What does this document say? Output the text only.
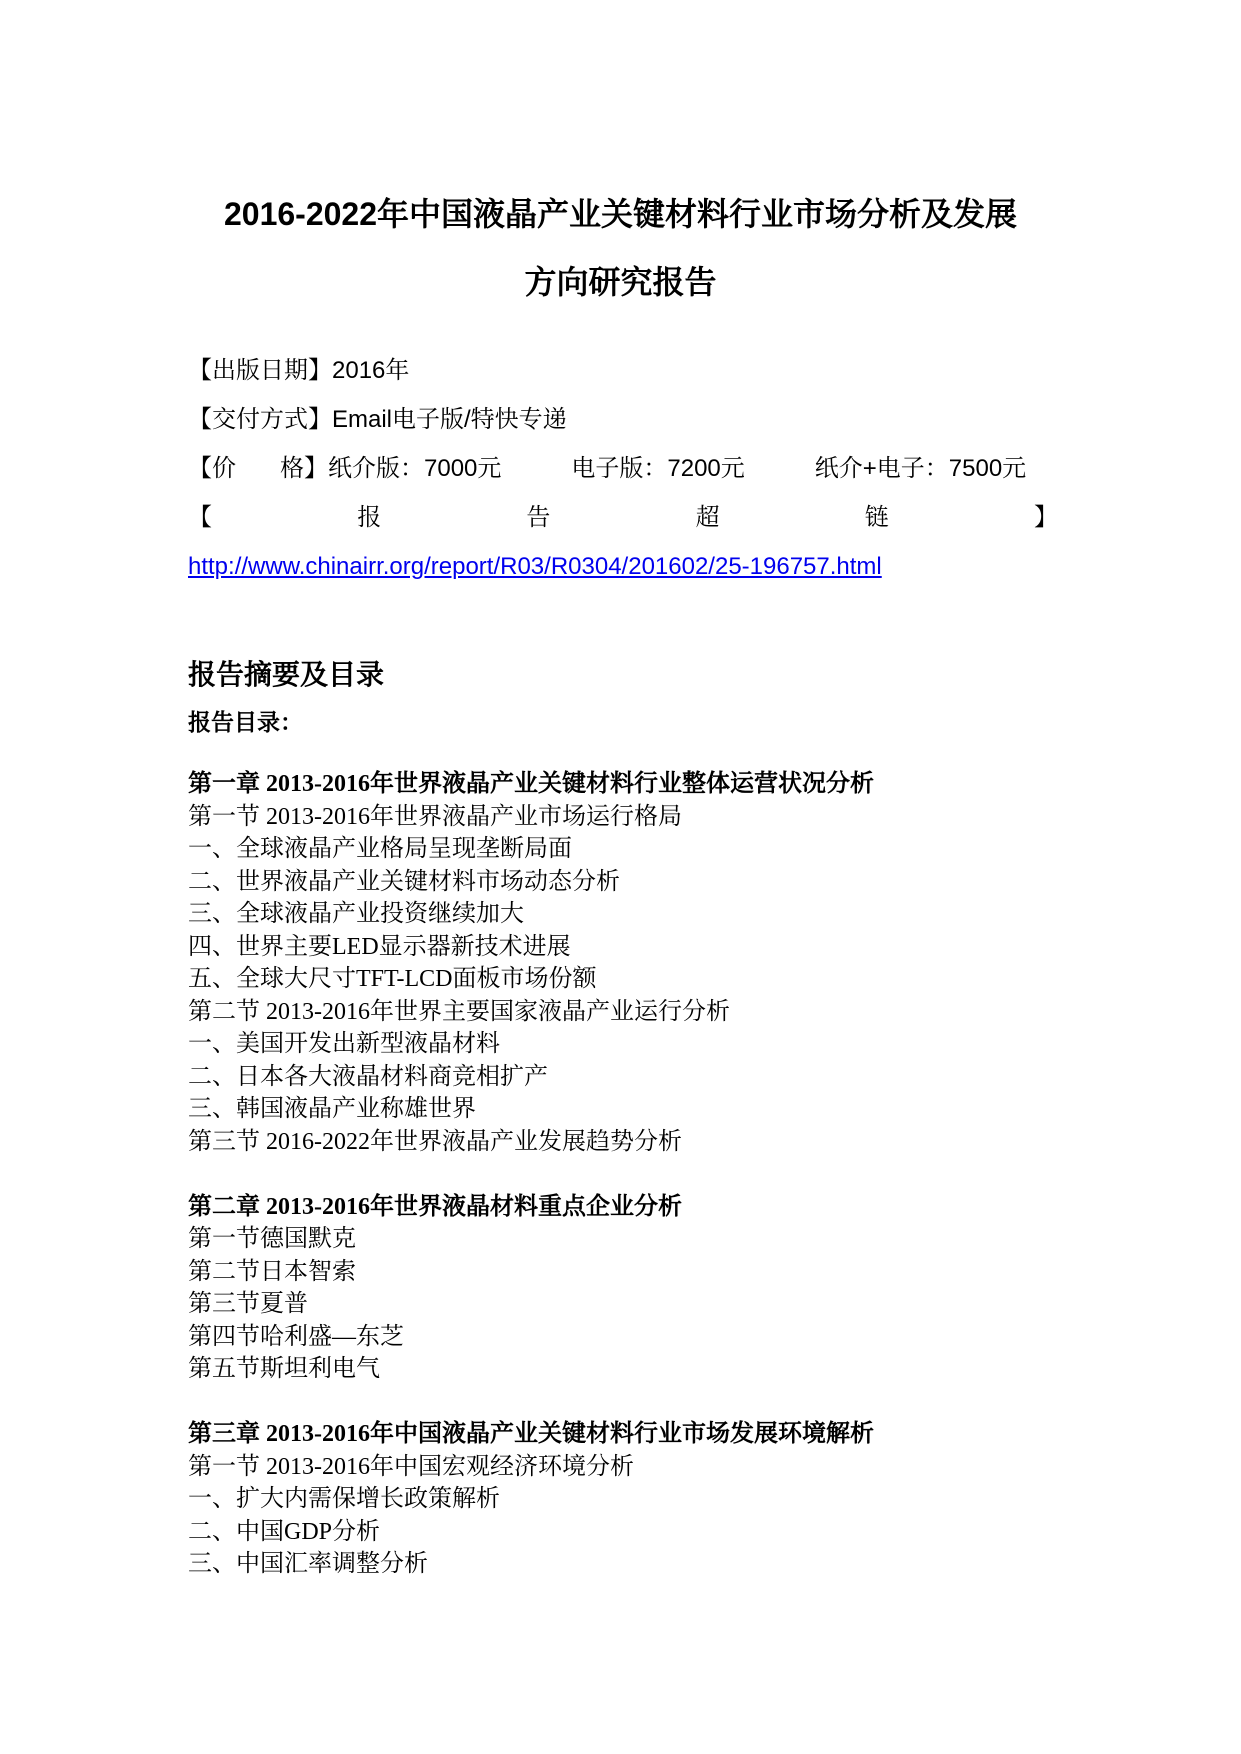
2016-2022年中国液晶产业关键材料行业市场分析及发展
方向研究报告
【出版日期】2016年
【交付方式】Email电子版/特快专递
【价 格】纸介版：7000元	电子版：7200元	纸介+电子：7500元
【	报	告	超	链	】
http://www.chinairr.org/report/R03/R0304/201602/25-196757.html
报告摘要及目录
报告目录：
第一章 2013-2016年世界液晶产业关键材料行业整体运营状况分析
第一节 2013-2016年世界液晶产业市场运行格局
一、全球液晶产业格局呈现垄断局面
二、世界液晶产业关键材料市场动态分析
三、全球液晶产业投资继续加大
四、世界主要LED显示器新技术进展
五、全球大尺寸TFT-LCD面板市场份额
第二节 2013-2016年世界主要国家液晶产业运行分析
一、美国开发出新型液晶材料
二、日本各大液晶材料商竞相扩产
三、韩国液晶产业称雄世界
第三节 2016-2022年世界液晶产业发展趋势分析
第二章 2013-2016年世界液晶材料重点企业分析
第一节德国默克
第二节日本智索
第三节夏普
第四节哈利盛—东芝
第五节斯坦利电气
第三章 2013-2016年中国液晶产业关键材料行业市场发展环境解析
第一节 2013-2016年中国宏观经济环境分析
一、扩大内需保增长政策解析
二、中国GDP分析
三、中国汇率调整分析
